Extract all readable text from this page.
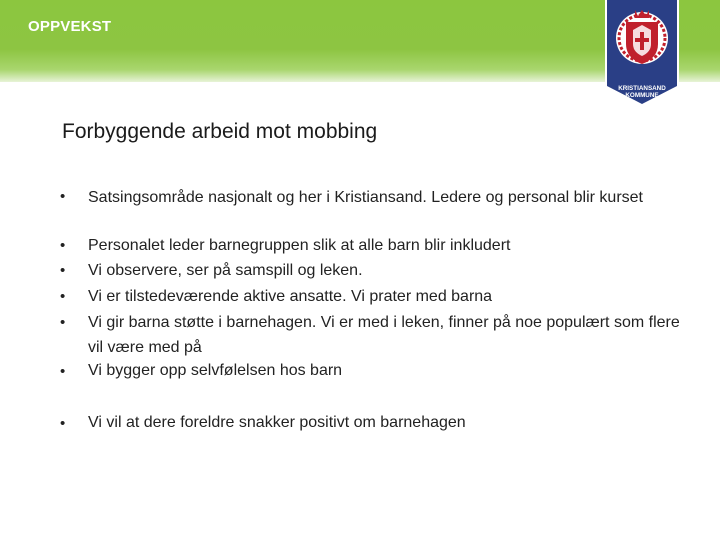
OPPVEKST
KRISTIANSAND
KOMMUNE
Forbyggende arbeid mot mobbing
• Satsingsområde nasjonalt og her i Kristiansand. Ledere og personal blir kurset
• Personalet leder barnegruppen slik at alle barn blir inkludert
• Vi observere, ser på samspill og leken.
• Vi er tilstedeværende aktive ansatte. Vi prater med barna
• Vi gir barna støtte i barnehagen. Vi er med i leken, finner på noe populært som flere vil være med på
• Vi bygger opp selvfølelsen hos barn
• Vi vil at dere foreldre snakker positivt om barnehagen
